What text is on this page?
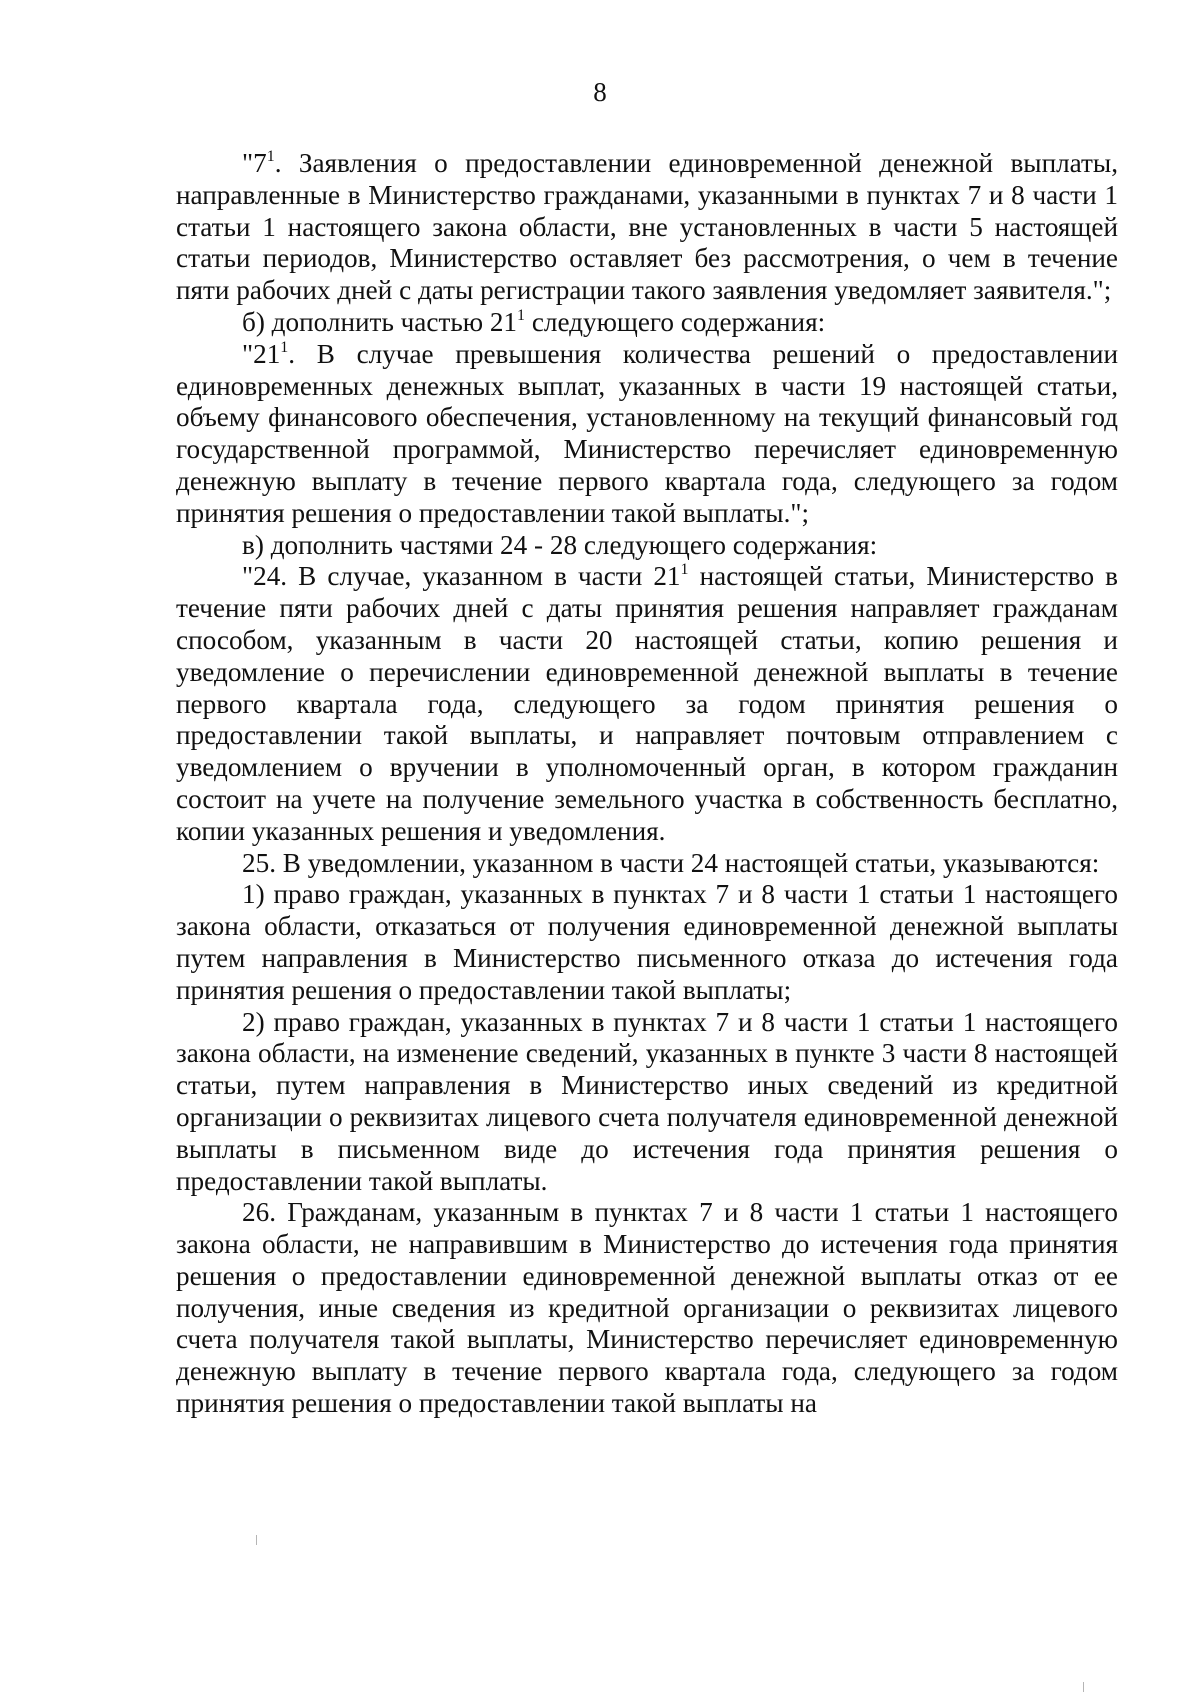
8

"$7^1$. Заявления о предоставлении единовременной денежной выплаты, направленные в Министерство гражданами, указанными в пунктах 7 и 8 части 1 статьи 1 настоящего закона области, вне установленных в части 5 настоящей статьи периодов, Министерство оставляет без рассмотрения, о чем в течение пяти рабочих дней с даты регистрации такого заявления уведомляет заявителя.";

б) дополнить частью $21^1$ следующего содержания:

"$21^1$. В случае превышения количества решений о предоставлении единовременных денежных выплат, указанных в части 19 настоящей статьи, объему финансового обеспечения, установленному на текущий финансовый год государственной программой, Министерство перечисляет единовременную денежную выплату в течение первого квартала года, следующего за годом принятия решения о предоставлении такой выплаты.";

в) дополнить частями 24 - 28 следующего содержания:

"24. В случае, указанном в части $21^1$ настоящей статьи, Министерство в течение пяти рабочих дней с даты принятия решения направляет гражданам способом, указанным в части 20 настоящей статьи, копию решения и уведомление о перечислении единовременной денежной выплаты в течение первого квартала года, следующего за годом принятия решения о предоставлении такой выплаты, и направляет почтовым отправлением с уведомлением о вручении в уполномоченный орган, в котором гражданин состоит на учете на получение земельного участка в собственность бесплатно, копии указанных решения и уведомления.

25. В уведомлении, указанном в части 24 настоящей статьи, указываются:

1) право граждан, указанных в пунктах 7 и 8 части 1 статьи 1 настоящего закона области, отказаться от получения единовременной денежной выплаты путем направления в Министерство письменного отказа до истечения года принятия решения о предоставлении такой выплаты;

2) право граждан, указанных в пунктах 7 и 8 части 1 статьи 1 настоящего закона области, на изменение сведений, указанных в пункте 3 части 8 настоящей статьи, путем направления в Министерство иных сведений из кредитной организации о реквизитах лицевого счета получателя единовременной денежной выплаты в письменном виде до истечения года принятия решения о предоставлении такой выплаты.

26. Гражданам, указанным в пунктах 7 и 8 части 1 статьи 1 настоящего закона области, не направившим в Министерство до истечения года принятия решения о предоставлении единовременной денежной выплаты отказ от ее получения, иные сведения из кредитной организации о реквизитах лицевого счета получателя такой выплаты, Министерство перечисляет единовременную денежную выплату в течение первого квартала года, следующего за годом принятия решения о предоставлении такой выплаты на
